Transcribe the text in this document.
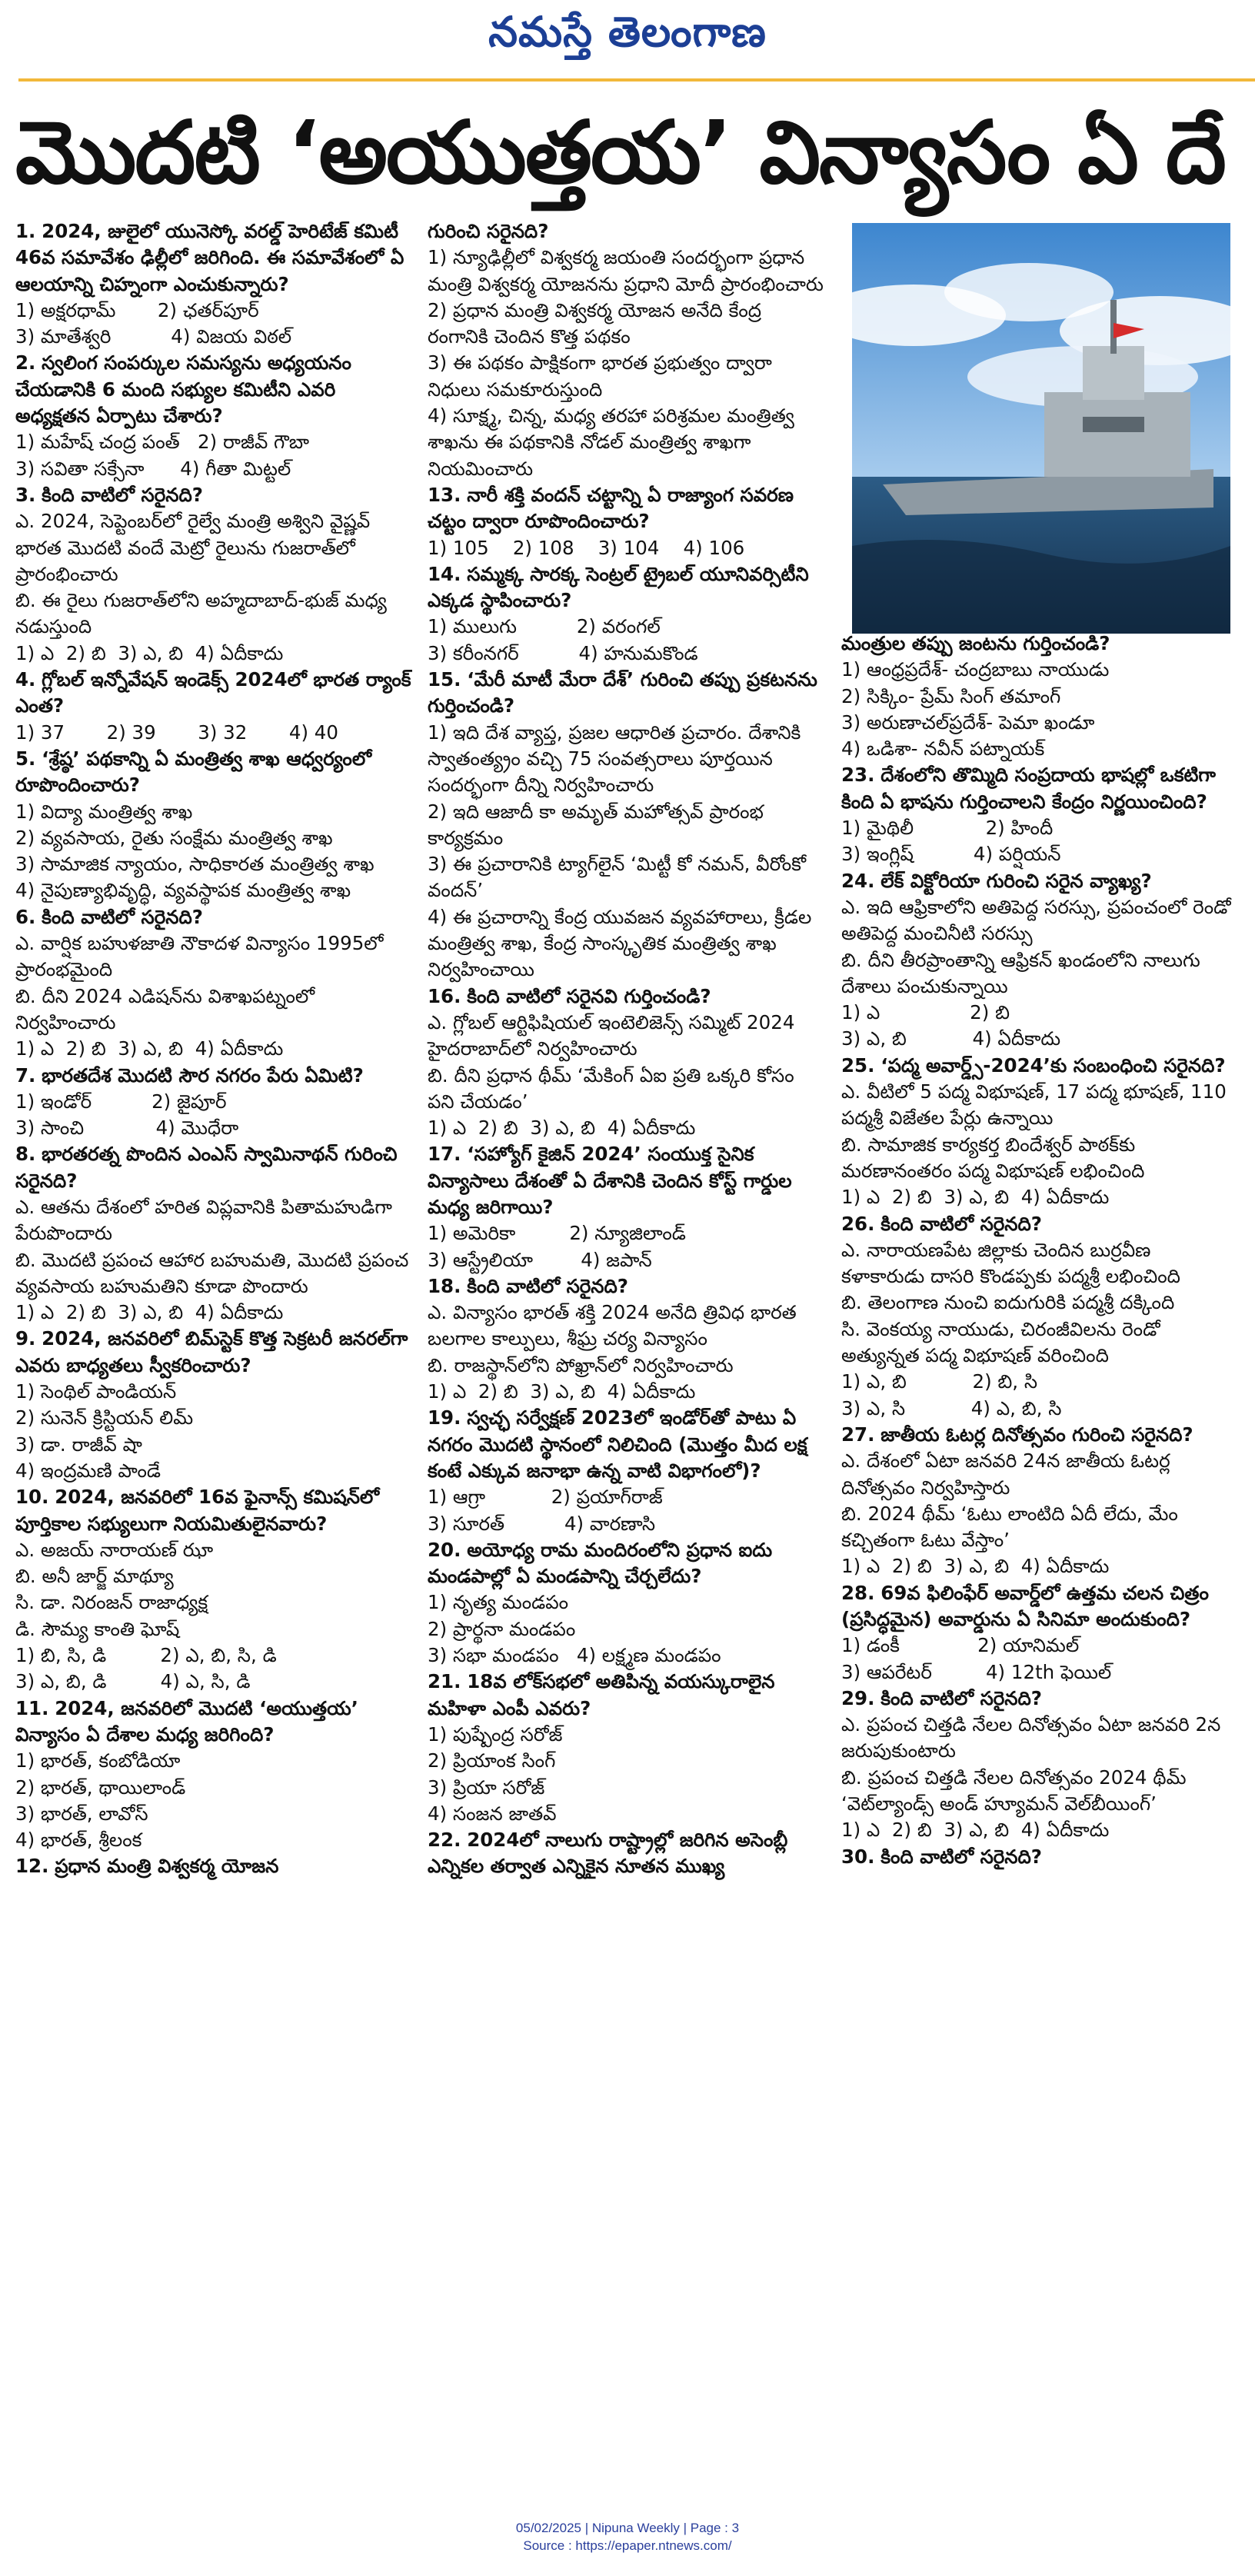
నమస్తే తెలంగాణ
మొదటి ‘అయుత్తయ’ విన్యాసం ఏ దే
1. 2024, జులైలో యునెస్కో వరల్డ్ హెరిటేజ్ కమిటీ 46వ సమావేశం ఢిల్లీలో జరిగింది. ఈ సమావేశంలో ఏ ఆలయాన్ని చిహ్నంగా ఎంచుకున్నారు?
1) అక్షరధామ్       2) ఛతర్‌పూర్
3) మాతేశ్వరి          4) విజయ విఠల్
2. స్వలింగ సంపర్కుల సమస్యను అధ్యయనం చేయడానికి 6 మంది సభ్యుల కమిటీని ఎవరి అధ్యక్షతన ఏర్పాటు చేశారు?
1) మహేష్ చంద్ర పంత్   2) రాజీవ్ గౌబా
3) సవితా సక్సేనా      4) గీతా మిట్టల్
3. కింది వాటిలో సరైనది?
ఎ. 2024, సెప్టెంబర్‌లో రైల్వే మంత్రి అశ్విని వైష్ణవ్ భారత మొదటి వందే మెట్రో రైలును గుజరాత్‌లో ప్రారంభించారు
బి. ఈ రైలు గుజరాత్‌లోని అహ్మదాబాద్-భుజ్ మధ్య నడుస్తుంది
1) ఎ  2) బి  3) ఎ, బి  4) ఏదీకాదు
4. గ్లోబల్ ఇన్నోవేషన్ ఇండెక్స్ 2024లో భారత ర్యాంక్ ఎంత?
1) 37       2) 39       3) 32       4) 40
5. ‘శ్రేష్ఠ’ పథకాన్ని ఏ మంత్రిత్వ శాఖ ఆధ్వర్యంలో రూపొందించారు?
1) విద్యా మంత్రిత్వ శాఖ
2) వ్యవసాయ, రైతు సంక్షేమ మంత్రిత్వ శాఖ
3) సామాజిక న్యాయం, సాధికారత మంత్రిత్వ శాఖ
4) నైపుణ్యాభివృద్ధి, వ్యవస్థాపక మంత్రిత్వ శాఖ
6. కింది వాటిలో సరైనది?
ఎ. వార్షిక బహుళజాతి నౌకాదళ విన్యాసం 1995లో ప్రారంభమైంది
బి. దీని 2024 ఎడిషన్‌ను విశాఖపట్నంలో నిర్వహించారు
1) ఎ  2) బి  3) ఎ, బి  4) ఏదీకాదు
7. భారతదేశ మొదటి సౌర నగరం పేరు ఏమిటి?
1) ఇండోర్          2) జైపూర్
3) సాంచి            4) మొధేరా
8. భారతరత్న పొందిన ఎంఎస్ స్వామినాథన్ గురించి సరైనది?
ఎ. ఆతను దేశంలో హరిత విప్లవానికి పితామహుడిగా పేరుపొందారు
బి. మొదటి ప్రపంచ ఆహార బహుమతి, మొదటి ప్రపంచ వ్యవసాయ బహుమతిని కూడా పొందారు
1) ఎ  2) బి  3) ఎ, బి  4) ఏదీకాదు
9. 2024, జనవరిలో బిమ్‌స్టెక్ కొత్త సెక్రటరీ జనరల్‌గా ఎవరు బాధ్యతలు స్వీకరించారు?
1) సెంథిల్ పాండియన్
2) సునెన్ క్రిస్టియన్ లిమ్
3) డా. రాజీవ్ షా
4) ఇంద్రమణి పాండే
10. 2024, జనవరిలో 16వ ఫైనాన్స్ కమిషన్‌లో పూర్తికాల సభ్యులుగా నియమితులైనవారు?
ఎ. అజయ్ నారాయణ్ ఝా
బి. అనీ జార్జ్ మాథ్యూ
సి. డా. నిరంజన్ రాజాధ్యక్ష
డి. సౌమ్య కాంతి ఘోష్
1) బి, సి, డి         2) ఎ, బి, సి, డి
3) ఎ, బి, డి         4) ఎ, సి, డి
11. 2024, జనవరిలో మొదటి ‘అయుత్తయ’ విన్యాసం ఏ దేశాల మధ్య జరిగింది?
1) భారత్, కంబోడియా
2) భారత్, థాయిలాండ్
3) భారత్, లావోస్
4) భారత్, శ్రీలంక
12. ప్రధాన మంత్రి విశ్వకర్మ యోజన
గురించి సరైనది?
1) న్యూఢిల్లీలో విశ్వకర్మ జయంతి సందర్భంగా ప్రధాన మంత్రి విశ్వకర్మ యోజనను ప్రధాని మోదీ ప్రారంభించారు
2) ప్రధాన మంత్రి విశ్వకర్మ యోజన అనేది కేంద్ర రంగానికి చెందిన కొత్త పథకం
3) ఈ పథకం పాక్షికంగా భారత ప్రభుత్వం ద్వారా నిధులు సమకూరుస్తుంది
4) సూక్ష్మ, చిన్న, మధ్య తరహా పరిశ్రమల మంత్రిత్వ శాఖను ఈ పథకానికి నోడల్ మంత్రిత్వ శాఖగా నియమించారు
13. నారీ శక్తి వందన్ చట్టాన్ని ఏ రాజ్యాంగ సవరణ చట్టం ద్వారా రూపొందించారు?
1) 105    2) 108    3) 104    4) 106
14. సమ్మక్క సారక్క సెంట్రల్ ట్రైబల్ యూనివర్సిటీని ఎక్కడ స్థాపించారు?
1) ములుగు          2) వరంగల్
3) కరీంనగర్          4) హనుమకొండ
15. ‘మేరీ మాటీ మేరా దేశ్’ గురించి తప్పు ప్రకటనను గుర్తించండి?
1) ఇది దేశ వ్యాప్త, ప్రజల ఆధారిత ప్రచారం. దేశానికి స్వాతంత్య్రం వచ్చి 75 సంవత్సరాలు పూర్తయిన సందర్భంగా దీన్ని నిర్వహించారు
2) ఇది ఆజాదీ కా అమృత్ మహోత్సవ్ ప్రారంభ కార్యక్రమం
3) ఈ ప్రచారానికి ట్యాగ్‌లైన్ ‘మిట్టీ కో నమన్, వీరోంకో వందన్’
4) ఈ ప్రచారాన్ని కేంద్ర యువజన వ్యవహారాలు, క్రీడల మంత్రిత్వ శాఖ, కేంద్ర సాంస్కృతిక మంత్రిత్వ శాఖ నిర్వహించాయి
16. కింది వాటిలో సరైనవి గుర్తించండి?
ఎ. గ్లోబల్ ఆర్టిఫిషియల్ ఇంటెలిజెన్స్ సమ్మిట్ 2024 హైదరాబాద్‌లో నిర్వహించారు
బి. దీని ప్రధాన థీమ్ ‘మేకింగ్ ఏఐ ప్రతి ఒక్కరి కోసం పని చేయడం’
1) ఎ  2) బి  3) ఎ, బి  4) ఏదీకాదు
17. ‘సహ్యోగ్ కైజిన్ 2024’ సంయుక్త సైనిక విన్యాసాలు దేశంతో ఏ దేశానికి చెందిన కోస్ట్ గార్డుల మధ్య జరిగాయి?
1) అమెరికా         2) న్యూజిలాండ్
3) ఆస్ట్రేలియా        4) జపాన్
18. కింది వాటిలో సరైనది?
ఎ. విన్యాసం భారత్ శక్తి 2024 అనేది త్రివిధ భారత బలగాల కాల్పులు, శీఘ్ర చర్య విన్యాసం
బి. రాజస్థాన్‌లోని పోఖ్రాన్‌లో నిర్వహించారు
1) ఎ  2) బి  3) ఎ, బి  4) ఏదీకాదు
19. స్వచ్ఛ సర్వేక్షణ్ 2023లో ఇండోర్‌తో పాటు ఏ నగరం మొదటి స్థానంలో నిలిచింది (మొత్తం మీద లక్ష కంటే ఎక్కువ జనాభా ఉన్న వాటి విభాగంలో)?
1) ఆగ్రా           2) ప్రయాగ్‌రాజ్
3) సూరత్          4) వారణాసి
20. అయోధ్య రామ మందిరంలోని ప్రధాన ఐదు మండపాల్లో ఏ మండపాన్ని చేర్చలేదు?
1) నృత్య మండపం
2) ప్రార్థనా మండపం
3) సభా మండపం   4) లక్ష్మణ మండపం
21. 18వ లోక్‌సభలో అతిపిన్న వయస్కురాలైన మహిళా ఎంపీ ఎవరు?
1) పుష్పేంద్ర సరోజ్
2) ప్రియాంక సింగ్
3) ప్రియా సరోజ్
4) సంజన జాతవ్
22. 2024లో నాలుగు రాష్ట్రాల్లో జరిగిన అసెంబ్లీ ఎన్నికల తర్వాత ఎన్నికైన నూతన ముఖ్య
మంత్రుల తప్పు జంటను గుర్తించండి?
1) ఆంధ్రప్రదేశ్- చంద్రబాబు నాయుడు
2) సిక్కిం- ప్రేమ్ సింగ్ తమాంగ్
3) అరుణాచల్‌ప్రదేశ్- పెమా ఖండూ
4) ఒడిశా- నవీన్ పట్నాయక్
23. దేశంలోని తొమ్మిది సంప్రదాయ భాషల్లో ఒకటిగా కింది ఏ భాషను గుర్తించాలని కేంద్రం నిర్ణయించింది?
1) మైథిలీ            2) హిందీ
3) ఇంగ్లిష్          4) పర్షియన్
24. లేక్ విక్టోరియా గురించి సరైన వ్యాఖ్య?
ఎ. ఇది ఆఫ్రికాలోని అతిపెద్ద సరస్సు, ప్రపంచంలో రెండో అతిపెద్ద మంచినీటి సరస్సు
బి. దీని తీరప్రాంతాన్ని ఆఫ్రికన్ ఖండంలోని నాలుగు దేశాలు పంచుకున్నాయి
1) ఎ               2) బి
3) ఎ, బి           4) ఏదీకాదు
25. ‘పద్మ అవార్డ్స్-2024’కు సంబంధించి సరైనది?
ఎ. వీటిలో 5 పద్మ విభూషణ్, 17 పద్మ భూషణ్, 110 పద్మశ్రీ విజేతల పేర్లు ఉన్నాయి
బి. సామాజిక కార్యకర్త బిందేశ్వర్ పాఠక్‌కు మరణానంతరం పద్మ విభూషణ్ లభించింది
1) ఎ  2) బి  3) ఎ, బి  4) ఏదీకాదు
26. కింది వాటిలో సరైనది?
ఎ. నారాయణపేట జిల్లాకు చెందిన బుర్రవీణ కళాకారుడు దాసరి కొండప్పకు పద్మశ్రీ లభించింది
బి. తెలంగాణ నుంచి ఐదుగురికి పద్మశ్రీ దక్కింది
సి. వెంకయ్య నాయుడు, చిరంజీవిలను రెండో అత్యున్నత పద్మ విభూషణ్ వరించింది
1) ఎ, బి           2) బి, సి
3) ఎ, సి           4) ఎ, బి, సి
27. జాతీయ ఓటర్ల దినోత్సవం గురించి సరైనది?
ఎ. దేశంలో ఏటా జనవరి 24న జాతీయ ఓటర్ల దినోత్సవం నిర్వహిస్తారు
బి. 2024 థీమ్ ‘ఓటు లాంటిది ఏదీ లేదు, మేం కచ్చితంగా ఓటు వేస్తాం’
1) ఎ  2) బి  3) ఎ, బి  4) ఏదీకాదు
28. 69వ ఫిలింఫేర్ అవార్డ్‌లో ఉత్తమ చలన చిత్రం (ప్రసిద్ధమైన) అవార్డును ఏ సినిమా అందుకుంది?
1) డంకీ             2) యానిమల్
3) ఆపరేటర్         4) 12th ఫెయిల్
29. కింది వాటిలో సరైనది?
ఎ. ప్రపంచ చిత్తడి నేలల దినోత్సవం ఏటా జనవరి 2న జరుపుకుంటారు
బి. ప్రపంచ చిత్తడి నేలల దినోత్సవం 2024 థీమ్ ‘వెట్‌ల్యాండ్స్ అండ్ హ్యూమన్ వెల్‌బీయింగ్’
1) ఎ  2) బి  3) ఎ, బి  4) ఏదీకాదు
30. కింది వాటిలో సరైనది?
05/02/2025 | Nipuna Weekly | Page : 3
Source : https://epaper.ntnews.com/
